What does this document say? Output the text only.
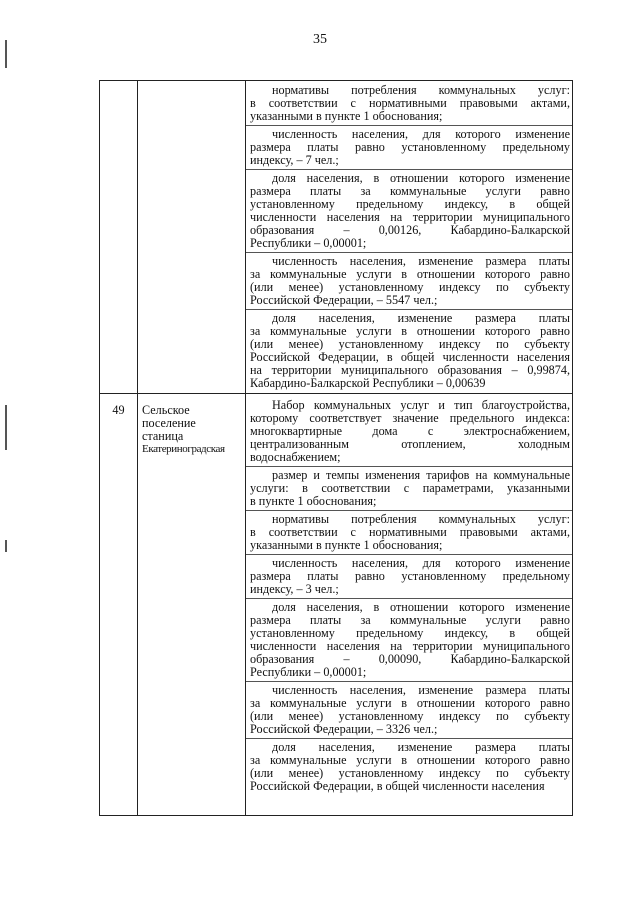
35
нормативы потребления коммунальных услуг:
в соответствии с нормативными правовыми актами,
указанными в пункте 1 обоснования;
численность населения, для которого изменение
размера платы равно установленному предельному
индексу, – 7 чел.;
доля населения, в отношении которого изменение
размера платы за коммунальные услуги равно
установленному предельному индексу, в общей
численности населения на территории муниципального
образования – 0,00126, Кабардино-Балкарской
Республики – 0,00001;
численность населения, изменение размера платы
за коммунальные услуги в отношении которого равно
(или менее) установленному индексу по субъекту
Российской Федерации, – 5547 чел.;
доля населения, изменение размера платы
за коммунальные услуги в отношении которого равно
(или менее) установленному индексу по субъекту
Российской Федерации, в общей численности населения
на территории муниципального образования – 0,99874,
Кабардино-Балкарской Республики – 0,00639
49	Сельское
поселение
станица
Екатериноградская
Набор коммунальных услуг и тип благоустройства,
которому соответствует значение предельного индекса:
многоквартирные дома с электроснабжением,
централизованным отоплением, холодным
водоснабжением;
размер и темпы изменения тарифов на коммунальные
услуги: в соответствии с параметрами, указанными
в пункте 1 обоснования;
нормативы потребления коммунальных услуг:
в соответствии с нормативными правовыми актами,
указанными в пункте 1 обоснования;
численность населения, для которого изменение
размера платы равно установленному предельному
индексу, – 3 чел.;
доля населения, в отношении которого изменение
размера платы за коммунальные услуги равно
установленному предельному индексу, в общей
численности населения на территории муниципального
образования – 0,00090, Кабардино-Балкарской
Республики – 0,00001;
численность населения, изменение размера платы
за коммунальные услуги в отношении которого равно
(или менее) установленному индексу по субъекту
Российской Федерации, – 3326 чел.;
доля населения, изменение размера платы
за коммунальные услуги в отношении которого равно
(или менее) установленному индексу по субъекту
Российской Федерации, в общей численности населения
